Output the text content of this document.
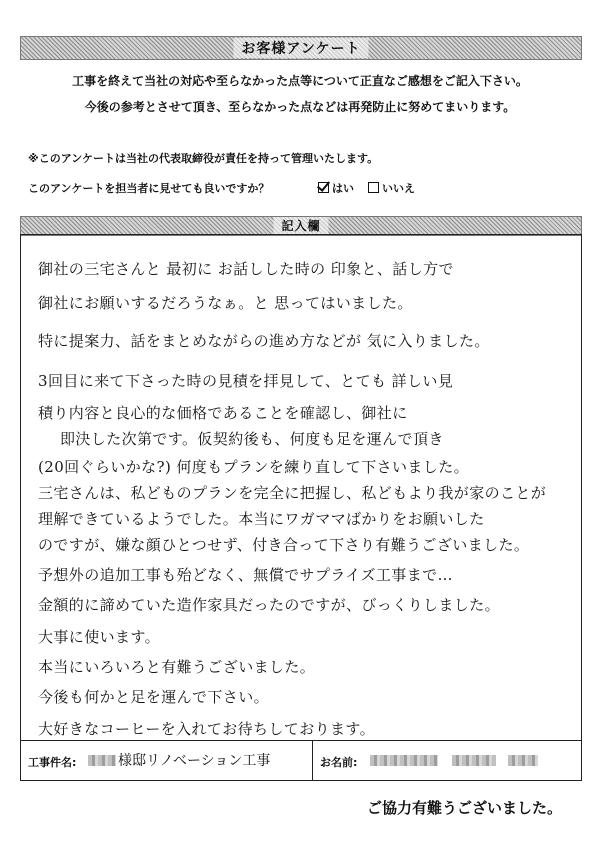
お客様アンケート
工事を終えて当社の対応や至らなかった点等について正直なご感想をご記入下さい。
今後の参考とさせて頂き、至らなかった点などは再発防止に努めてまいります。
※このアンケートは当社の代表取締役が責任を持って管理いたします。
このアンケートを担当者に見せても良いですか？	はい	いいえ
記入欄
御社の三宅さんと 最初に お話しした時の 印象と、話し方で
御社にお願いするだろうなぁ。と 思ってはいました。
特に提案力、話をまとめながらの進め方などが 気に入りました。
3回目に来て下さった時の見積を拝見して、とても 詳しい見
積り内容と良心的な価格であることを確認し、御社に
即決した次第です。仮契約後も、何度も足を運んで頂き
(20回ぐらいかな?) 何度もプランを練り直して下さいました。
三宅さんは、私どものプランを完全に把握し、私どもより我が家のことが
理解できているようでした。本当にワガママばかりをお願いした
のですが、嫌な顔ひとつせず、付き合って下さり有難うございました。
予想外の追加工事も殆どなく、無償でサプライズ工事まで…
金額的に諦めていた造作家具だったのですが、びっくりしました。
大事に使います。
本当にいろいろと有難うございました。
今後も何かと足を運んで下さい。
大好きなコーヒーを入れてお待ちしております。
工事件名:	様邸リノベーション工事	お名前:
ご協力有難うございました。
